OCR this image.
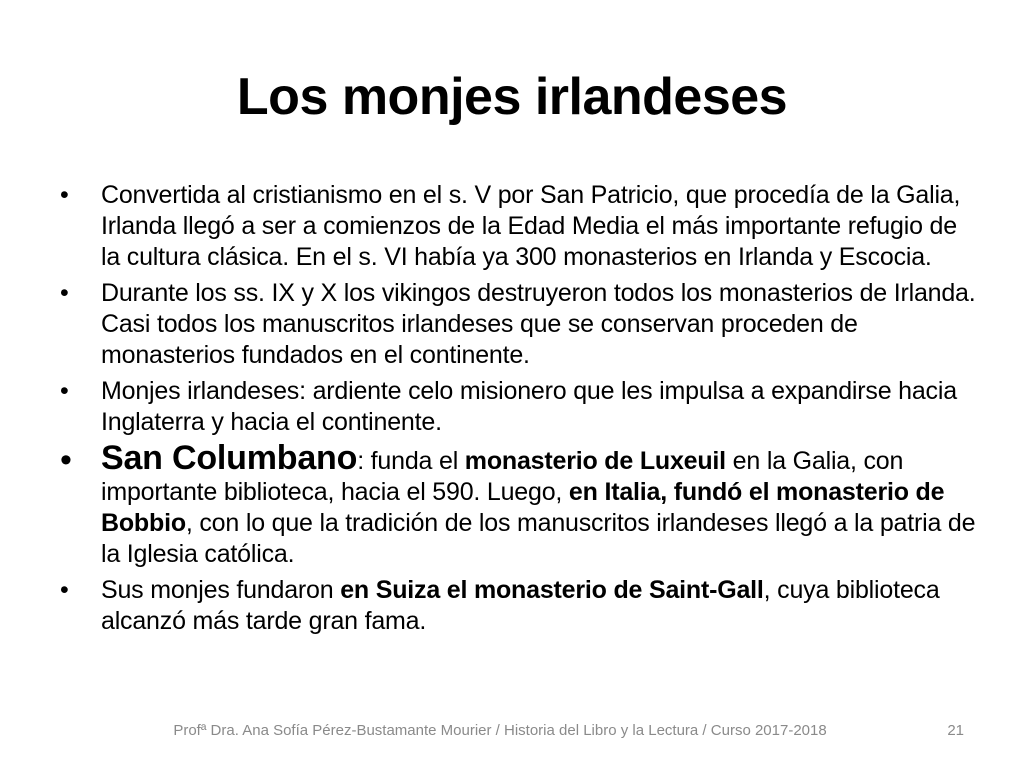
Los monjes irlandeses
• Convertida al cristianismo en el s. V por San Patricio, que procedía de la Galia, Irlanda llegó a ser a comienzos de la Edad Media el más importante refugio de la cultura clásica. En el s. VI había ya 300 monasterios en Irlanda y Escocia.
• Durante los ss. IX y X los vikingos destruyeron todos los monasterios de Irlanda. Casi todos los manuscritos irlandeses que se conservan proceden de monasterios fundados en el continente.
• Monjes irlandeses: ardiente celo misionero que les impulsa a expandirse hacia Inglaterra y hacia el continente.
• San Columbano: funda el monasterio de Luxeuil en la Galia, con importante biblioteca, hacia el 590. Luego, en Italia, fundó el monasterio de Bobbio, con lo que la tradición de los manuscritos irlandeses llegó a la patria de la Iglesia católica.
• Sus monjes fundaron en Suiza el monasterio de Saint-Gall, cuya biblioteca alcanzó más tarde gran fama.
Profª Dra. Ana Sofía Pérez-Bustamante Mourier / Historia del Libro y la Lectura / Curso 2017-2018	21
